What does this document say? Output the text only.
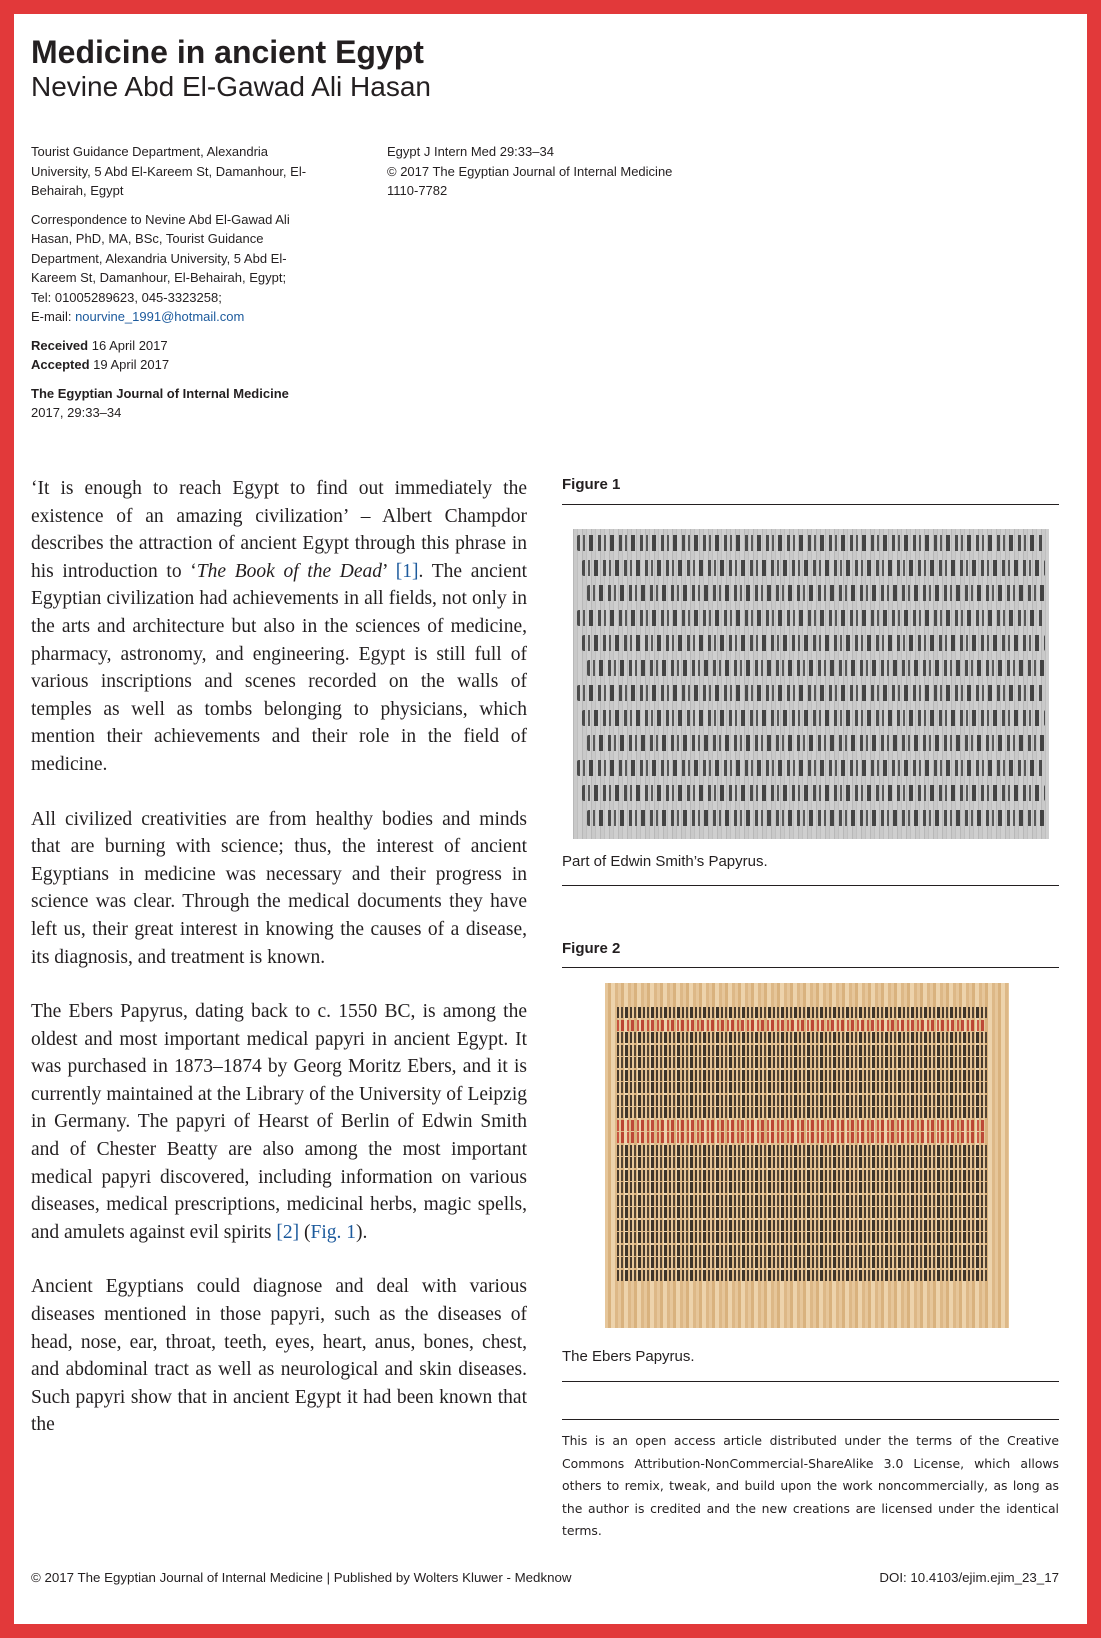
Medicine in ancient Egypt
Nevine Abd El-Gawad Ali Hasan

Tourist Guidance Department, Alexandria University, 5 Abd El-Kareem St, Damanhour, El-Behairah, Egypt

Correspondence to Nevine Abd El-Gawad Ali Hasan, PhD, MA, BSc, Tourist Guidance Department, Alexandria University, 5 Abd El-Kareem St, Damanhour, El-Behairah, Egypt;
Tel: 01005289623, 045-3323258;
E-mail: nourvine_1991@hotmail.com

Received 16 April 2017
Accepted 19 April 2017

The Egyptian Journal of Internal Medicine
2017, 29:33–34

Egypt J Intern Med 29:33–34
© 2017 The Egyptian Journal of Internal Medicine
1110-7782

‘It is enough to reach Egypt to find out immediately the existence of an amazing civilization’ – Albert Champdor describes the attraction of ancient Egypt through this phrase in his introduction to ‘The Book of the Dead’ [1]. The ancient Egyptian civilization had achievements in all fields, not only in the arts and architecture but also in the sciences of medicine, pharmacy, astronomy, and engineering. Egypt is still full of various inscriptions and scenes recorded on the walls of temples as well as tombs belonging to physicians, which mention their achievements and their role in the field of medicine.

All civilized creativities are from healthy bodies and minds that are burning with science; thus, the interest of ancient Egyptians in medicine was necessary and their progress in science was clear. Through the medical documents they have left us, their great interest in knowing the causes of a disease, its diagnosis, and treatment is known.

The Ebers Papyrus, dating back to c. 1550 BC, is among the oldest and most important medical papyri in ancient Egypt. It was purchased in 1873–1874 by Georg Moritz Ebers, and it is currently maintained at the Library of the University of Leipzig in Germany. The papyri of Hearst of Berlin of Edwin Smith and of Chester Beatty are also among the most important medical papyri discovered, including information on various diseases, medical prescriptions, medicinal herbs, magic spells, and amulets against evil spirits [2] (Fig. 1).

Ancient Egyptians could diagnose and deal with various diseases mentioned in those papyri, such as the diseases of head, nose, ear, throat, teeth, eyes, heart, anus, bones, chest, and abdominal tract as well as neurological and skin diseases. Such papyri show that in ancient Egypt it had been known that the

Figure 1
Part of Edwin Smith’s Papyrus.
Figure 2
The Ebers Papyrus.

This is an open access article distributed under the terms of the Creative Commons Attribution-NonCommercial-ShareAlike 3.0 License, which allows others to remix, tweak, and build upon the work noncommercially, as long as the author is credited and the new creations are licensed under the identical terms.

© 2017 The Egyptian Journal of Internal Medicine | Published by Wolters Kluwer - Medknow	DOI: 10.4103/ejim.ejim_23_17
